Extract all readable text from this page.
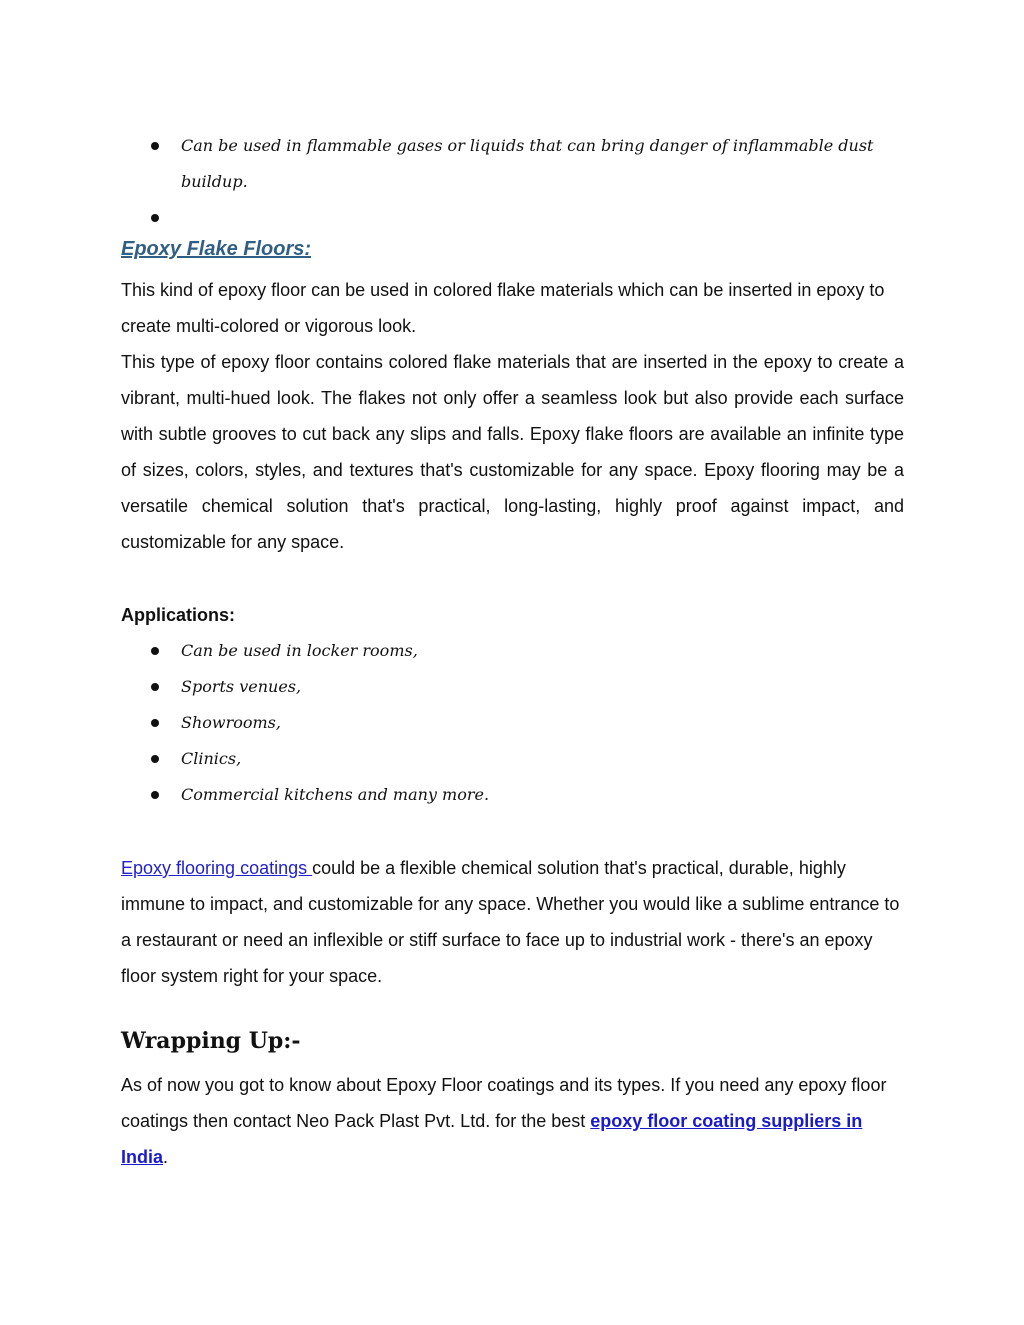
Can be used in flammable gases or liquids that can bring danger of inflammable dust buildup.
Epoxy Flake Floors:

This kind of epoxy floor can be used in colored flake materials which can be inserted in epoxy to create multi-colored or vigorous look.

This type of epoxy floor contains colored flake materials that are inserted in the epoxy to create a vibrant, multi-hued look. The flakes not only offer a seamless look but also provide each surface with subtle grooves to cut back any slips and falls. Epoxy flake floors are available an infinite type of sizes, colors, styles, and textures that's customizable for any space. Epoxy flooring may be a versatile chemical solution that's practical, long-lasting, highly proof against impact, and customizable for any space.

Applications:
Can be used in locker rooms,
Sports venues,
Showrooms,
Clinics,
Commercial kitchens and many more.

Epoxy flooring coatings could be a flexible chemical solution that's practical, durable, highly immune to impact, and customizable for any space. Whether you would like a sublime entrance to a restaurant or need an inflexible or stiff surface to face up to industrial work - there's an epoxy floor system right for your space.

Wrapping Up:-

As of now you got to know about Epoxy Floor coatings and its types. If you need any epoxy floor coatings then contact Neo Pack Plast Pvt. Ltd. for the best epoxy floor coating suppliers in India.
